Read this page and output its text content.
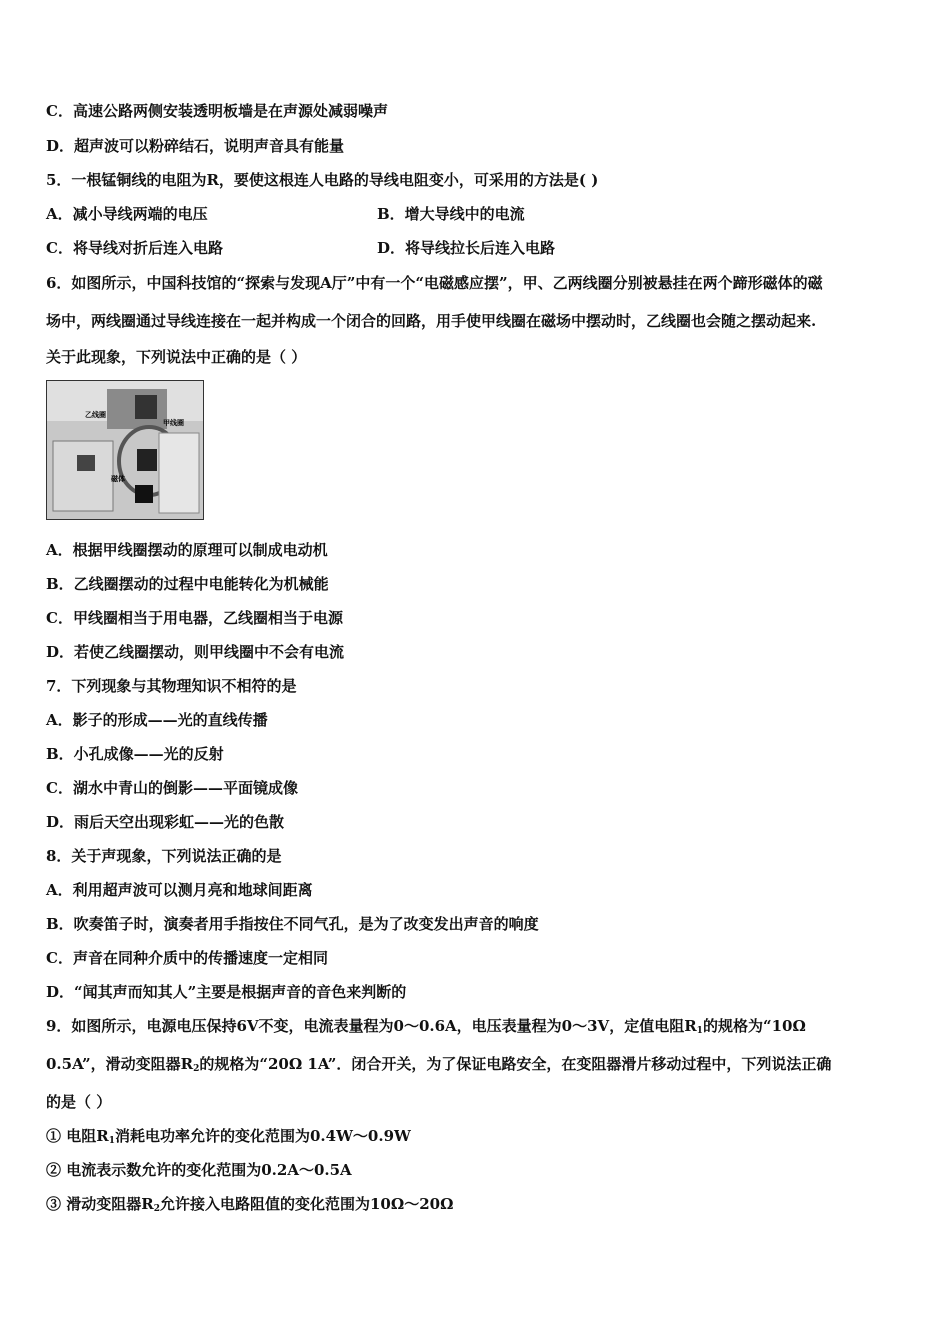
C．高速公路两侧安装透明板墙是在声源处减弱噪声
D．超声波可以粉碎结石，说明声音具有能量
5．一根锰铜线的电阻为R，要使这根连人电路的导线电阻变小，可采用的方法是( )
A．减小导线两端的电压	B．增大导线中的电流
C．将导线对折后连入电路	D．将导线拉长后连入电路
6．如图所示，中国科技馆的“探索与发现A厅”中有一个“电磁感应摆”，甲、乙两线圈分别被悬挂在两个蹄形磁体的磁
场中，两线圈通过导线连接在一起并构成一个闭合的回路，用手使甲线圈在磁场中摆动时，乙线圈也会随之摆动起来.
关于此现象，下列说法中正确的是（ ）
乙线圈
甲线圈
磁体
A．根据甲线圈摆动的原理可以制成电动机
B．乙线圈摆动的过程中电能转化为机械能
C．甲线圈相当于用电器，乙线圈相当于电源
D．若使乙线圈摆动，则甲线圈中不会有电流
7．下列现象与其物理知识不相符的是
A．影子的形成——光的直线传播
B．小孔成像——光的反射
C．湖水中青山的倒影——平面镜成像
D．雨后天空出现彩虹——光的色散
8．关于声现象，下列说法正确的是
A．利用超声波可以测月亮和地球间距离
B．吹奏笛子时，演奏者用手指按住不同气孔，是为了改变发出声音的响度
C．声音在同种介质中的传播速度一定相同
D．“闻其声而知其人”主要是根据声音的音色来判断的
9．如图所示，电源电压保持6V不变，电流表量程为0～0.6A，电压表量程为0～3V，定值电阻$R_1$的规格为“10Ω
0.5A”，滑动变阻器$R_2$的规格为“20Ω 1A”．闭合开关，为了保证电路安全，在变阻器滑片移动过程中，下列说法正确
的是（ ）
① 电阻$R_1$消耗电功率允许的变化范围为0.4W～0.9W
② 电流表示数允许的变化范围为0.2A～0.5A
③ 滑动变阻器$R_2$允许接入电路阻值的变化范围为10Ω～20Ω
